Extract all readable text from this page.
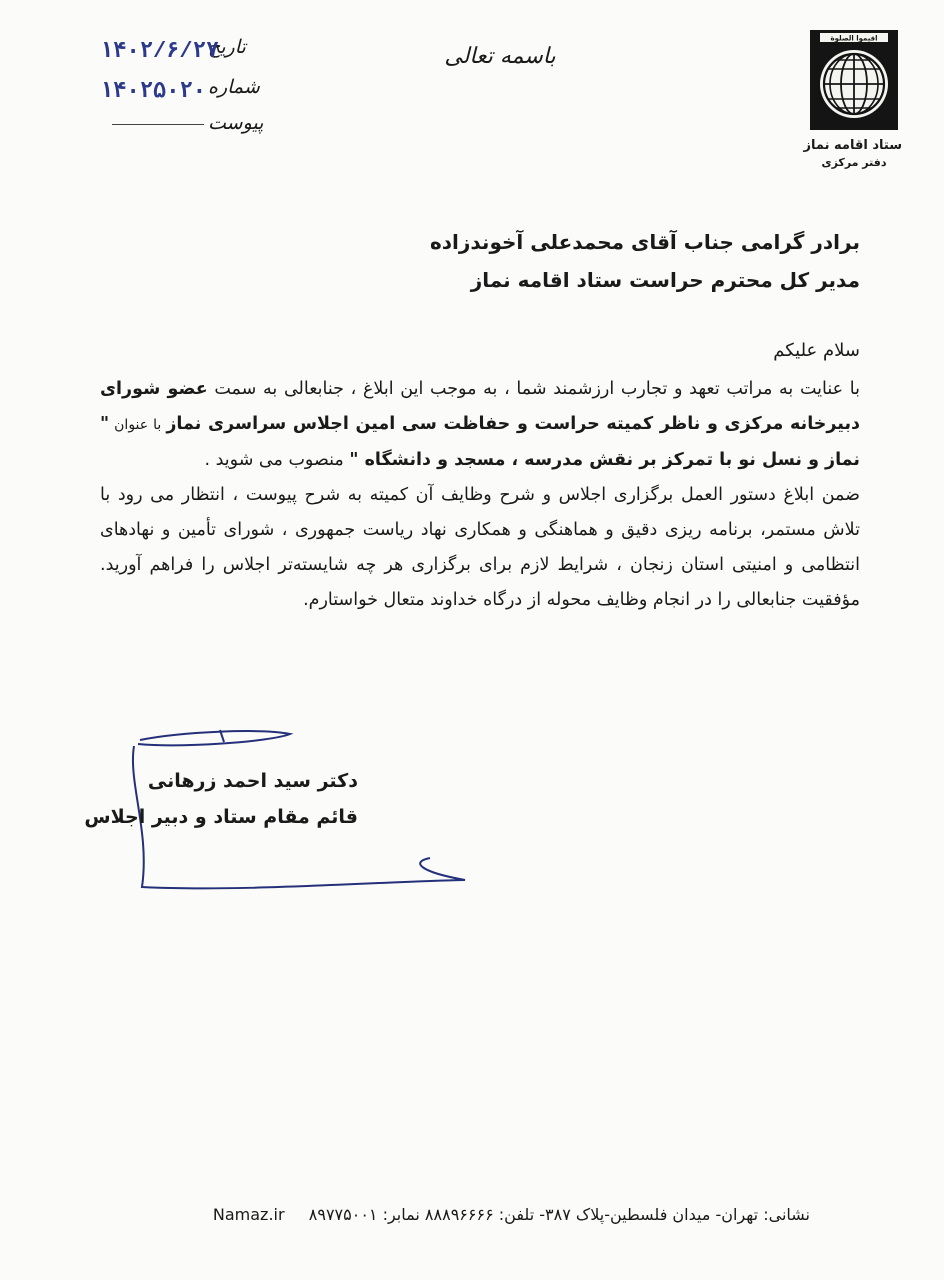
اقیموا الصلوة
ستاد اقامه نماز
دفتر مرکزی
باسمه تعالی
تاریخ
۱۴۰۲/۶/۲۷
شماره
۱۴۰۲۵۰۲۰
پیوست
برادر گرامی جناب آقای محمدعلی آخوندزاده
مدیر کل محترم حراست ستاد اقامه نماز
سلام علیکم

با عنایت به مراتب تعهد و تجارب ارزشمند شما ، به موجب این ابلاغ ، جنابعالی به سمت عضو شورای دبیرخانه مرکزی و ناظر کمیته حراست و حفاظت سی امین اجلاس سراسری نماز با عنوان " نماز و نسل نو با تمرکز بر نقش مدرسه ، مسجد و دانشگاه " منصوب می شوید .

ضمن ابلاغ دستور العمل برگزاری اجلاس و شرح وظایف آن کمیته به شرح پیوست ، انتظار می رود با تلاش مستمر، برنامه ریزی دقیق و هماهنگی و همکاری نهاد ریاست جمهوری ، شورای تأمین و نهادهای انتظامی و امنیتی استان زنجان ، شرایط لازم برای برگزاری هر چه شایسته‌تر اجلاس را فراهم آورید. مؤفقیت جنابعالی را در انجام وظایف محوله از درگاه خداوند متعال خواستارم.

دکتر سید احمد زرهانی
قائم مقام ستاد و دبیر اجلاس
نشانی: تهران- میدان فلسطین-پلاک ۳۸۷- تلفن: ۸۸۸۹۶۶۶۶ نمابر: ۸۹۷۷۵۰۰۱  Namaz.ir
